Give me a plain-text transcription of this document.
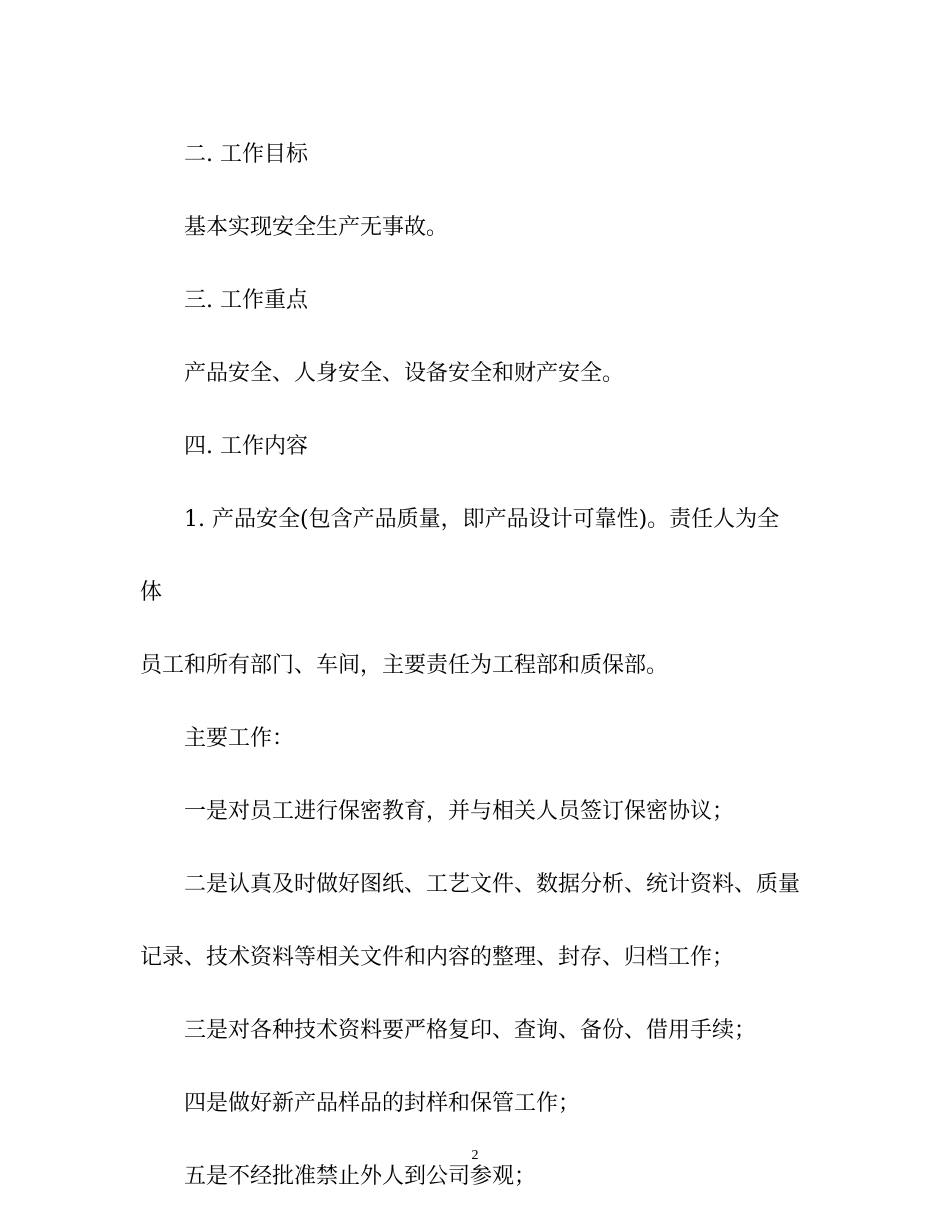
二. 工作目标

基本实现安全生产无事故。

三. 工作重点

产品安全、人身安全、设备安全和财产安全。

四. 工作内容

1. 产品安全(包含产品质量，即产品设计可靠性)。责任人为全体

员工和所有部门、车间，主要责任为工程部和质保部。

主要工作：

一是对员工进行保密教育，并与相关人员签订保密协议；

二是认真及时做好图纸、工艺文件、数据分析、统计资料、质量

记录、技术资料等相关文件和内容的整理、封存、归档工作；

三是对各种技术资料要严格复印、查询、备份、借用手续；

四是做好新产品样品的封样和保管工作；

五是不经批准禁止外人到公司参观；

2
